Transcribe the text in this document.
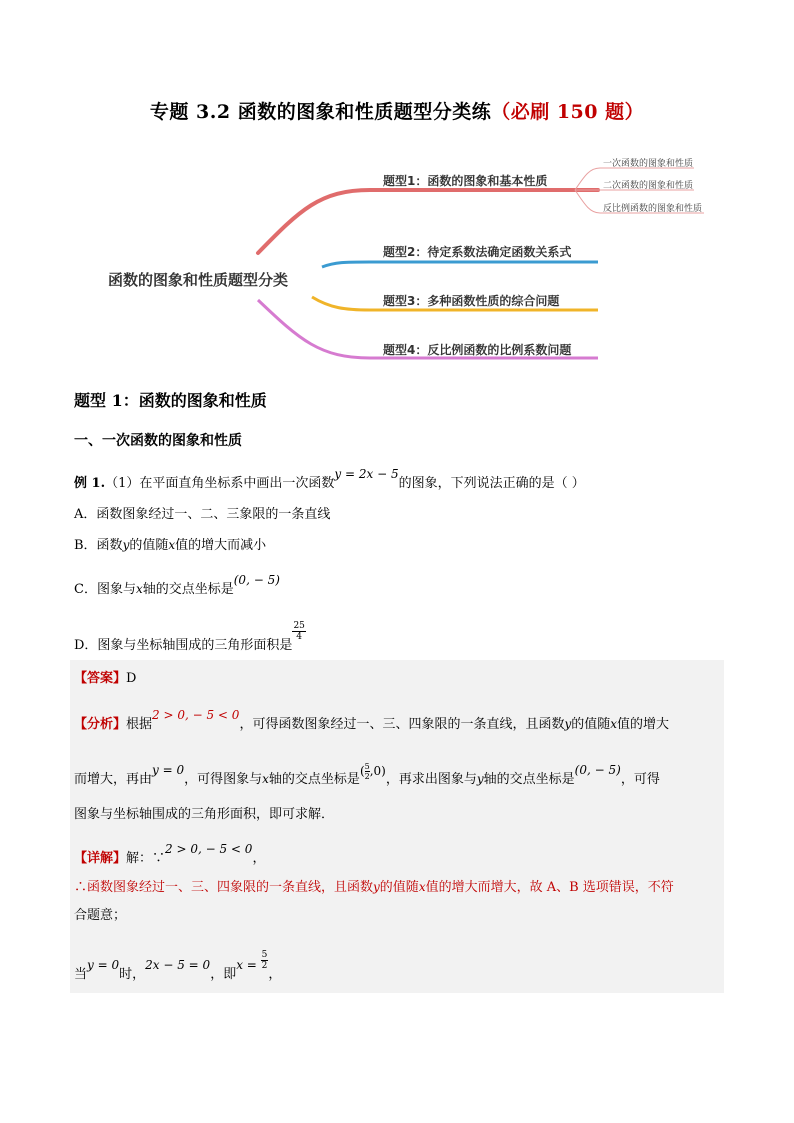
专题 3.2 函数的图象和性质题型分类练（必刷 150 题）
函数的图象和性质题型分类
题型1：函数的图象和基本性质
题型2：待定系数法确定函数关系式
题型3：多种函数性质的综合问题
题型4：反比例函数的比例系数问题
一次函数的图象和性质
二次函数的图象和性质
反比例函数的图象和性质
题型 1：函数的图象和性质
一、一次函数的图象和性质
例 1.（1）在平面直角坐标系中画出一次函数y = 2x − 5的图象，下列说法正确的是（ ）
A．函数图象经过一、二、三象限的一条直线
B．函数y的值随x值的增大而减小
C．图象与x轴的交点坐标是(0, − 5)
D．图象与坐标轴围成的三角形面积是
$\frac{25}{4}$
【答案】D
【分析】根据2 > 0, − 5 < 0，可得函数图象经过一、三、四象限的一条直线，且函数y的值随x值的增大
而增大，再由y = 0，可得图象与x轴的交点坐标是( $\frac{5}{2} ,0$)，再求出图象与y轴的交点坐标是(0, − 5)，可得
图象与坐标轴围成的三角形面积，即可求解．
【详解】解：∵2 > 0, − 5 < 0，
∴函数图象经过一、三、四象限的一条直线，且函数y的值随x值的增大而增大，故 A、B 选项错误，不符
合题意；
当y = 0时，2x − 5 = 0，即$x = \frac{5}{2}$
，
